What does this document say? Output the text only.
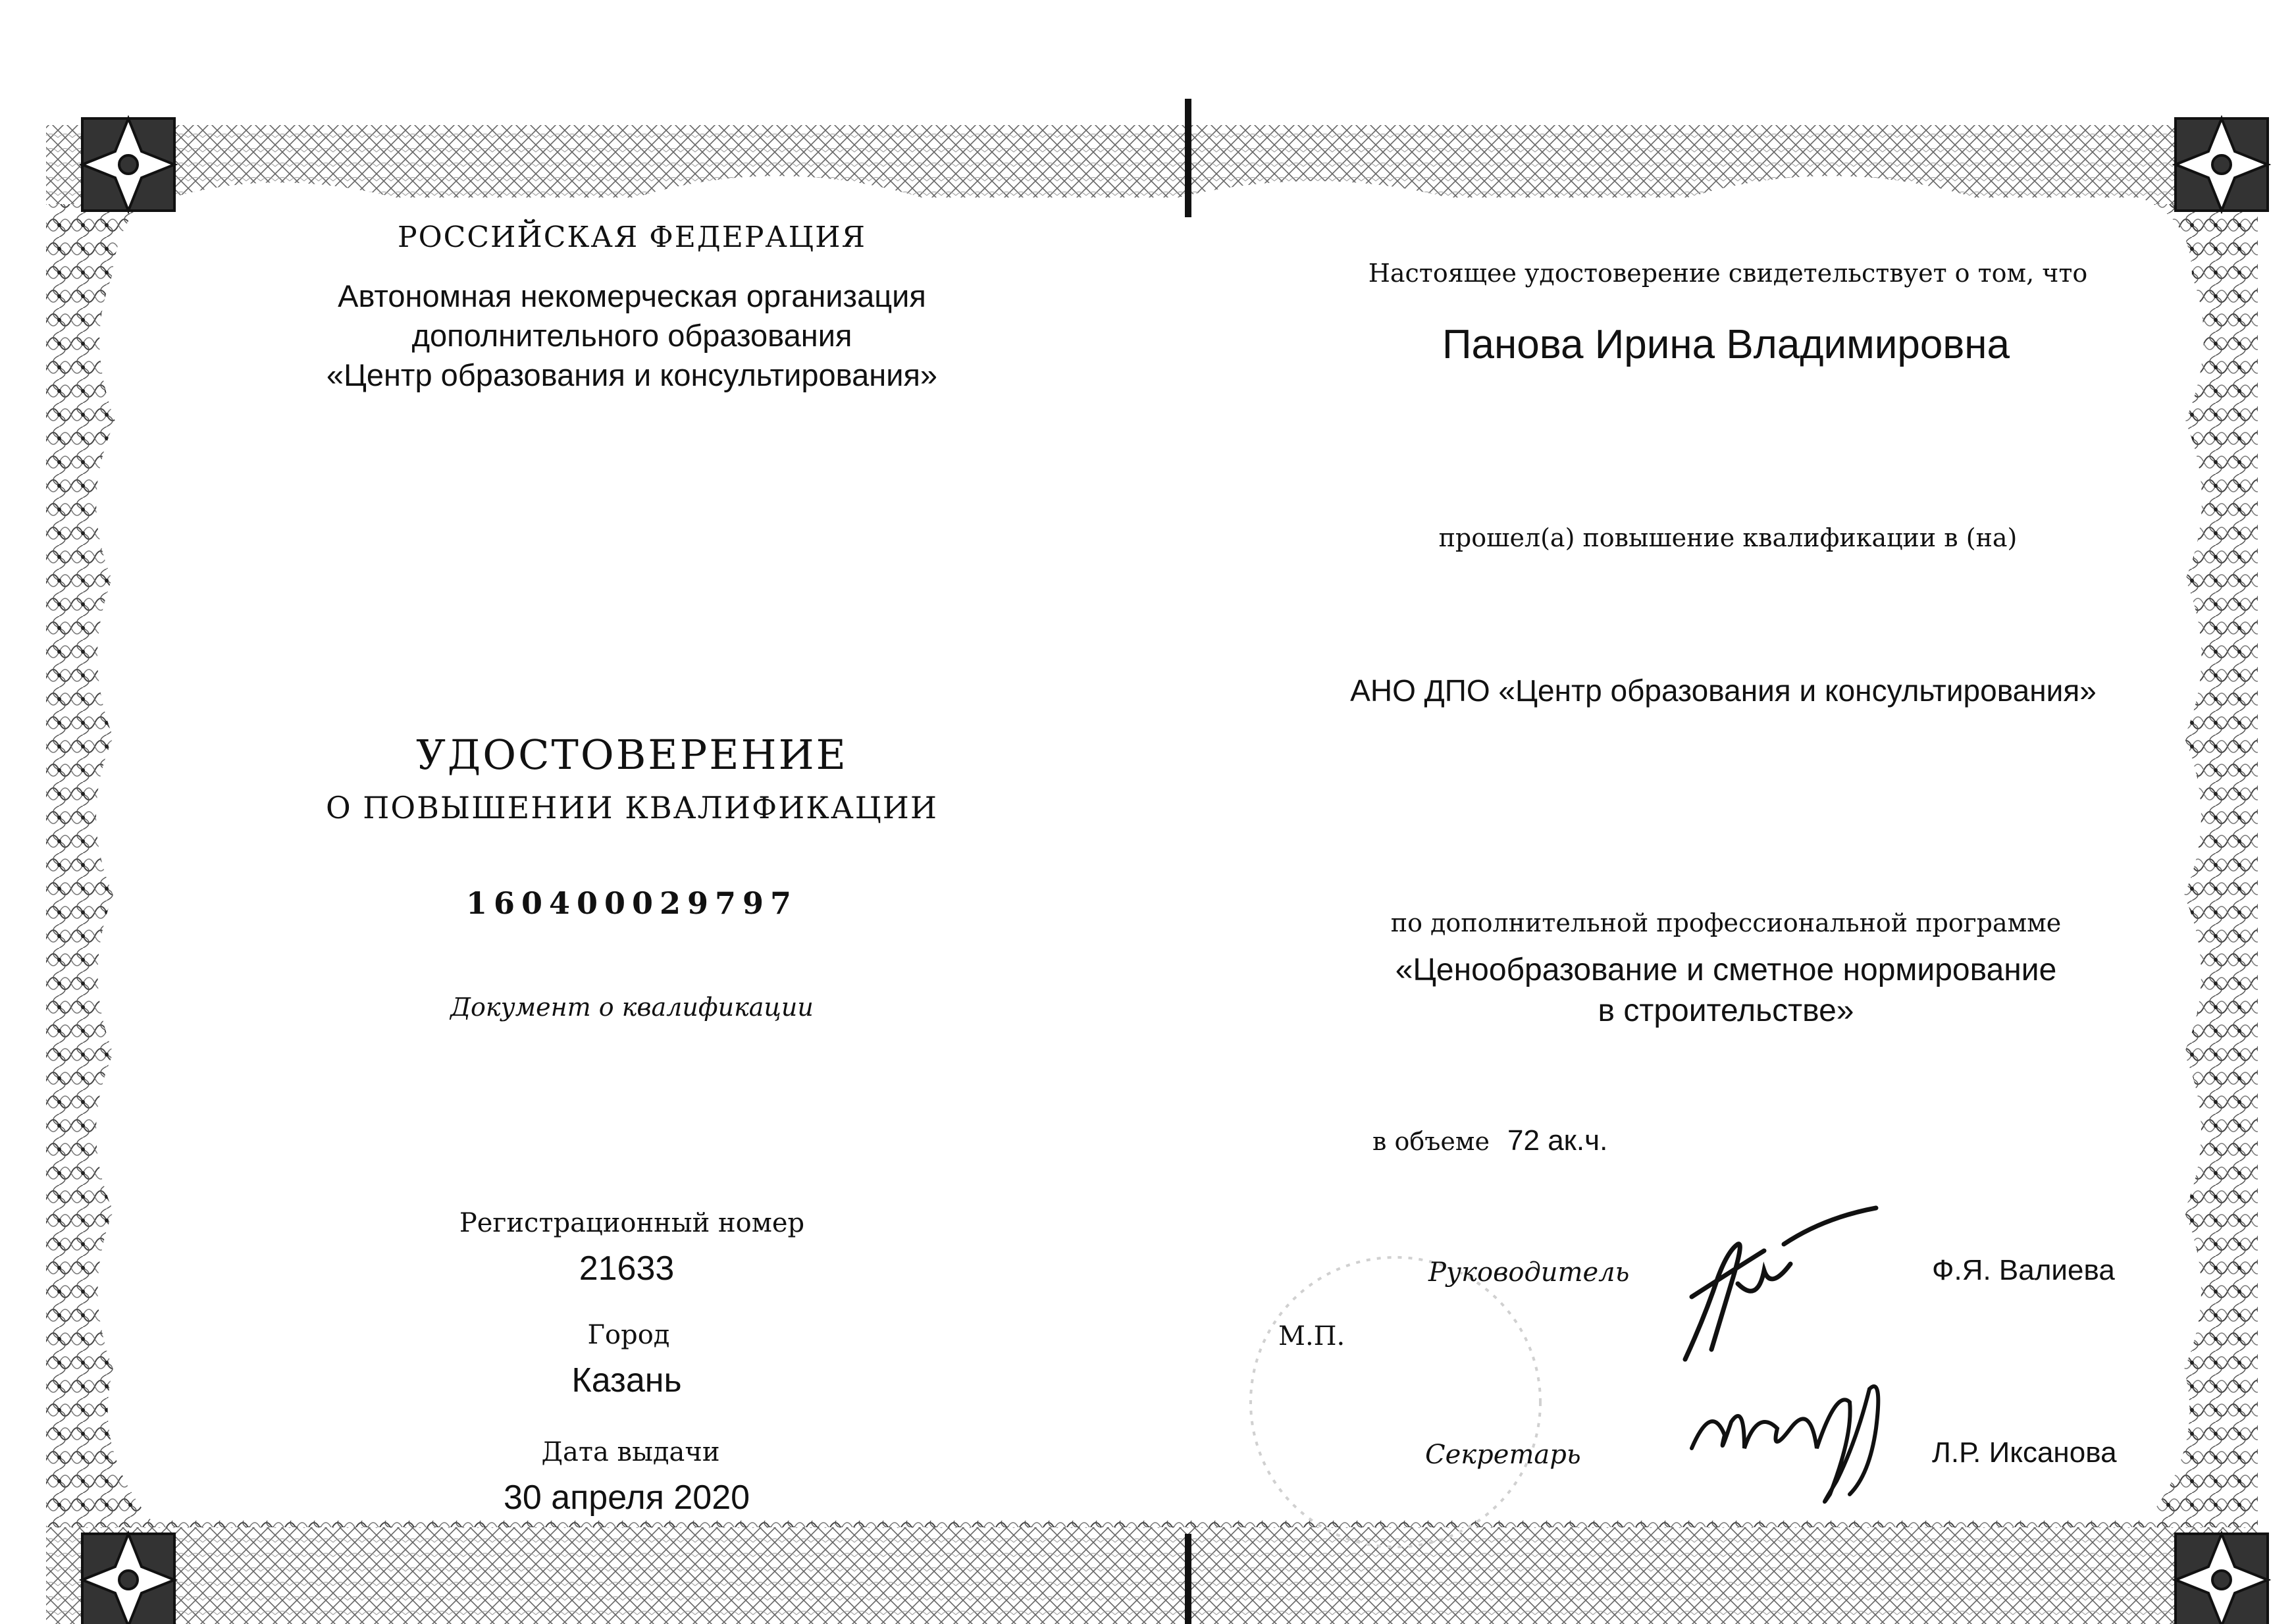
РОССИЙСКАЯ ФЕДЕРАЦИЯ
Автономная некомерческая организация
дополнительного образования
«Центр образования и консультирования»
УДОСТОВЕРЕНИЕ
О ПОВЫШЕНИИ КВАЛИФИКАЦИИ
160400029797
Документ о квалификации
Регистрационный номер
21633
Город
Казань
Дата выдачи
30 апреля 2020
Настоящее удостоверение свидетельствует о том, что
Панова Ирина Владимировна
прошел(а) повышение квалификации в (на)
АНО ДПО «Центр образования и консультирования»
по дополнительной профессиональной программе
«Ценообразование и сметное нормирование
в строительстве»
в объеме 72 ак.ч.
Руководитель	Ф.Я. Валиева
М.П.
Секретарь	Л.Р. Иксанова
